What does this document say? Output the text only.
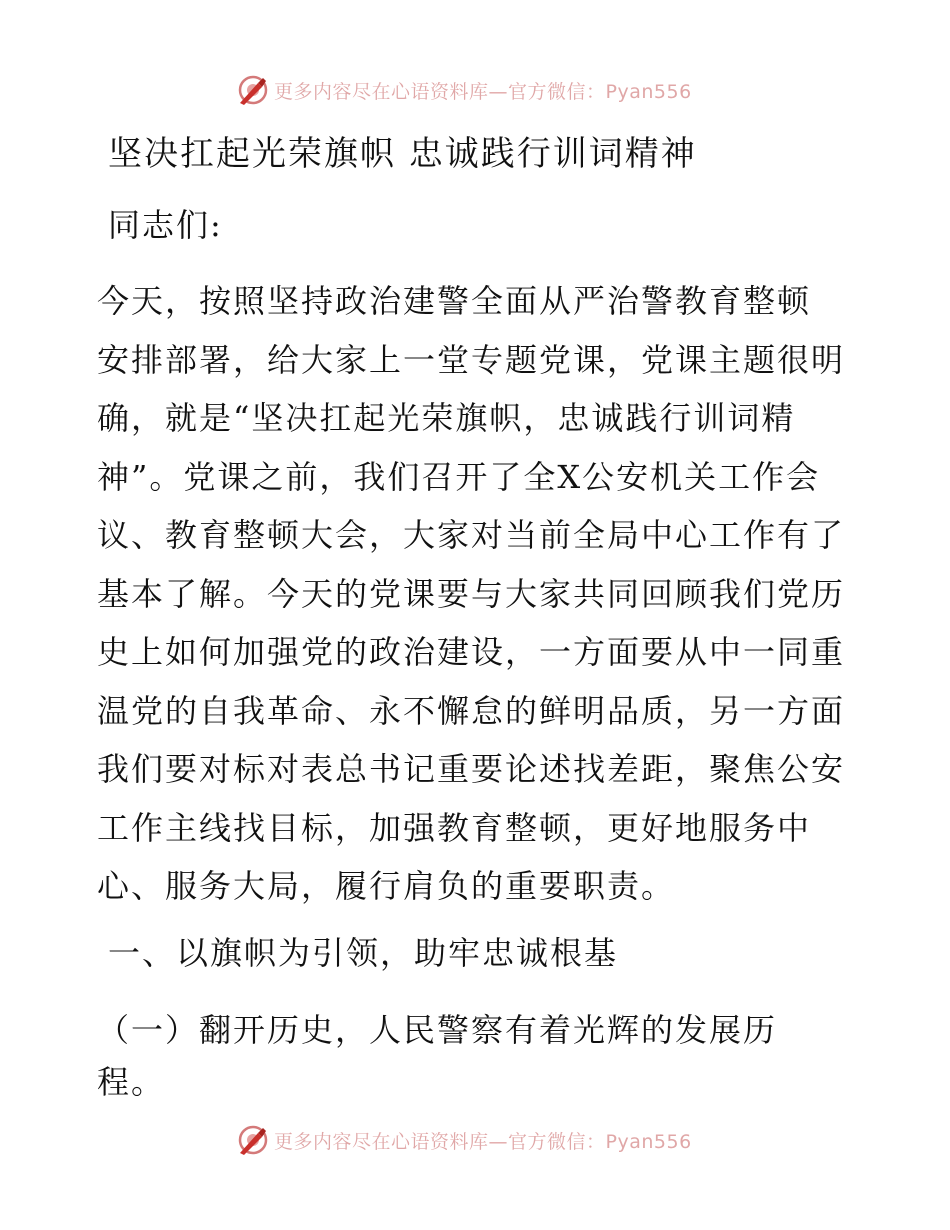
更多内容尽在心语资料库—官方微信：Pyan556
坚决扛起光荣旗帜 忠诚践行训词精神
同志们:
今天，按照坚持政治建警全面从严治警教育整顿
安排部署，给大家上一堂专题党课，党课主题很明
确，就是“坚决扛起光荣旗帜，忠诚践行训词精
神”。党课之前，我们召开了全X公安机关工作会
议、教育整顿大会，大家对当前全局中心工作有了
基本了解。今天的党课要与大家共同回顾我们党历
史上如何加强党的政治建设，一方面要从中一同重
温党的自我革命、永不懈怠的鲜明品质，另一方面
我们要对标对表总书记重要论述找差距，聚焦公安
工作主线找目标，加强教育整顿，更好地服务中
心、服务大局，履行肩负的重要职责。
一、以旗帜为引领，助牢忠诚根基
（一）翻开历史，人民警察有着光辉的发展历
程。
更多内容尽在心语资料库—官方微信：Pyan556
